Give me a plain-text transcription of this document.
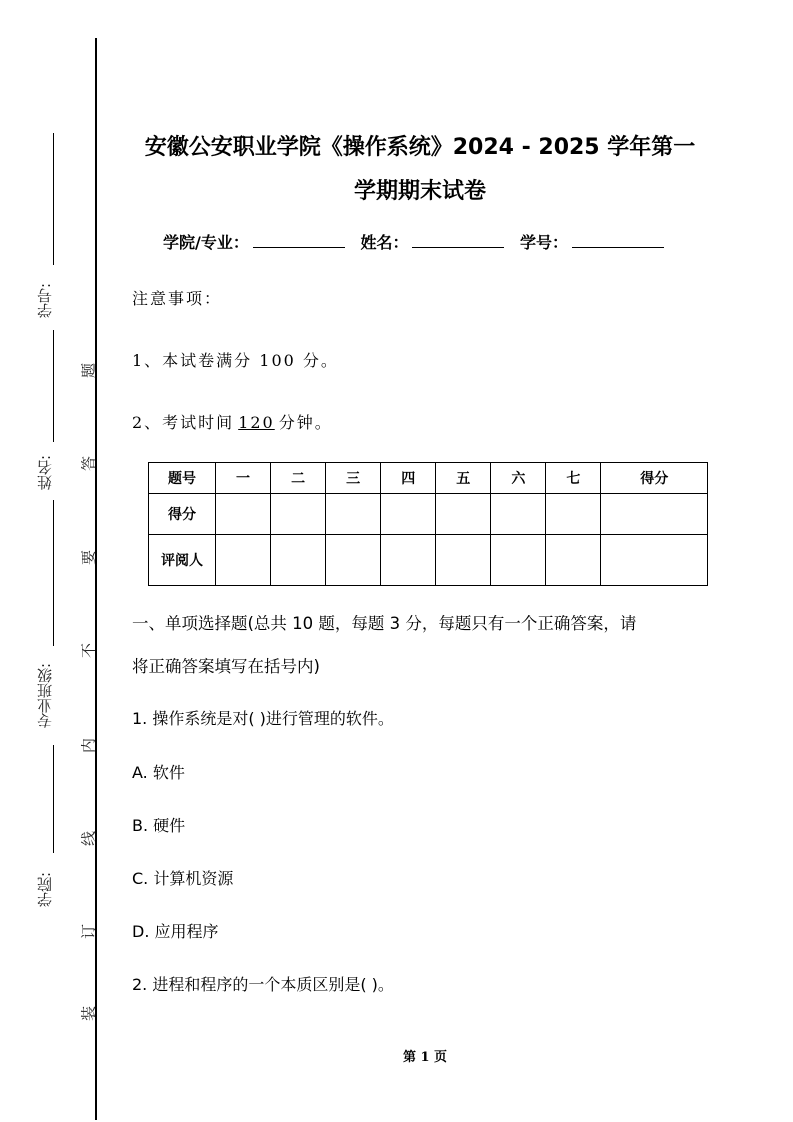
学号:
姓名:
专业班级:
学院:
题
答
要
不
内
线
订
装
安徽公安职业学院《操作系统》2024 - 2025 学年第一
学期期末试卷
学院/专业：	姓名：	学号：
注意事项：
1、本试卷满分 100 分。
2、考试时间 120 分钟。
题号	一	二	三	四	五	六	七	得分
得分								
评阅人								
一、单项选择题(总共 10 题，每题 3 分，每题只有一个正确答案，请
将正确答案填写在括号内)
1. 操作系统是对( )进行管理的软件。
A. 软件
B. 硬件
C. 计算机资源
D. 应用程序
2. 进程和程序的一个本质区别是( )。
第 1 页
